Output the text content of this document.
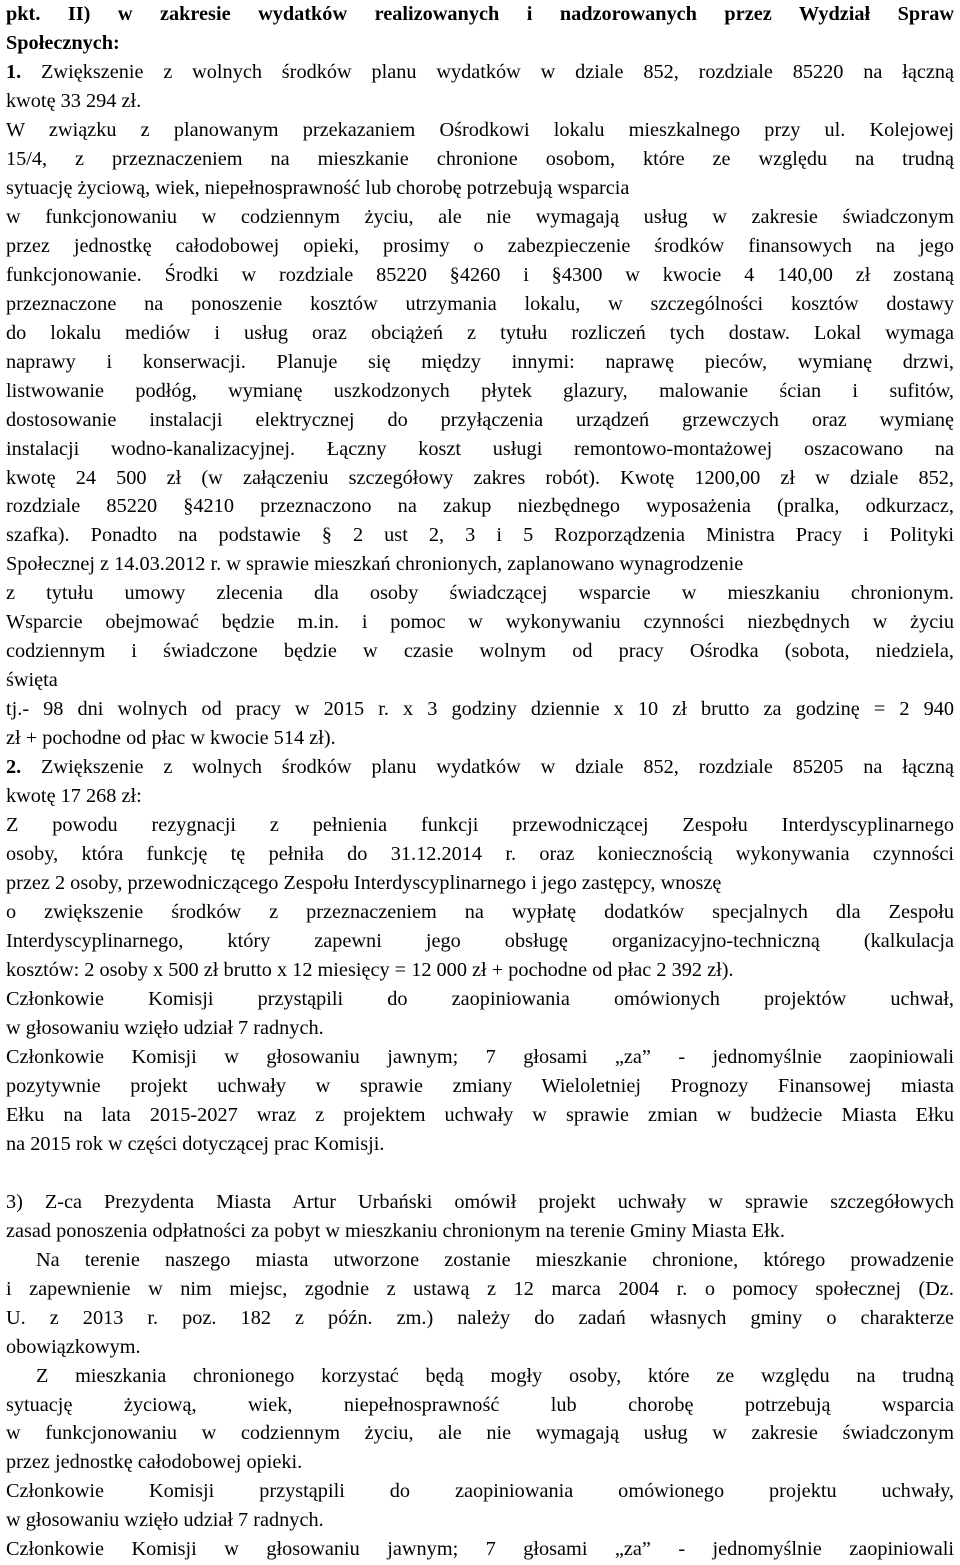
pkt. II) w zakresie wydatków realizowanych i nadzorowanych przez Wydział Spraw
Społecznych:
1. Zwiększenie z wolnych środków planu wydatków w dziale 852, rozdziale 85220 na łączną
kwotę 33 294 zł.
W związku z planowanym przekazaniem Ośrodkowi lokalu mieszkalnego przy ul. Kolejowej
15/4, z przeznaczeniem na mieszkanie chronione osobom, które ze względu na trudną
sytuację życiową, wiek, niepełnosprawność lub chorobę potrzebują wsparcia
w funkcjonowaniu w codziennym życiu, ale nie wymagają usług w zakresie świadczonym
przez jednostkę całodobowej opieki, prosimy o zabezpieczenie środków finansowych na jego
funkcjonowanie. Środki w rozdziale 85220 §4260 i §4300 w kwocie 4 140,00 zł zostaną
przeznaczone na ponoszenie kosztów utrzymania lokalu, w szczególności kosztów dostawy
do lokalu mediów i usług oraz obciążeń z tytułu rozliczeń tych dostaw. Lokal wymaga
naprawy i konserwacji. Planuje się między innymi: naprawę pieców, wymianę drzwi,
listwowanie podłóg, wymianę uszkodzonych płytek glazury, malowanie ścian i sufitów,
dostosowanie instalacji elektrycznej do przyłączenia urządzeń grzewczych oraz wymianę
instalacji wodno-kanalizacyjnej. Łączny koszt usługi remontowo-montażowej oszacowano na
kwotę 24 500 zł (w załączeniu szczegółowy zakres robót). Kwotę 1200,00 zł w dziale 852,
rozdziale 85220 §4210 przeznaczono na zakup niezbędnego wyposażenia (pralka, odkurzacz,
szafka). Ponadto na podstawie § 2 ust 2, 3 i 5 Rozporządzenia Ministra Pracy i Polityki
Społecznej z 14.03.2012 r. w sprawie mieszkań chronionych, zaplanowano wynagrodzenie
z tytułu umowy zlecenia dla osoby świadczącej wsparcie w mieszkaniu chronionym.
Wsparcie obejmować będzie m.in. i pomoc w wykonywaniu czynności niezbędnych w życiu
codziennym i świadczone będzie w czasie wolnym od pracy Ośrodka (sobota, niedziela,
święta
tj.- 98 dni wolnych od pracy w 2015 r. x 3 godziny dziennie x 10 zł brutto za godzinę = 2 940
zł + pochodne od płac w kwocie 514 zł).
2. Zwiększenie z wolnych środków planu wydatków w dziale 852, rozdziale 85205 na łączną
kwotę 17 268 zł:
Z powodu rezygnacji z pełnienia funkcji przewodniczącej Zespołu Interdyscyplinarnego
osoby, która funkcję tę pełniła do 31.12.2014 r. oraz koniecznością wykonywania czynności
przez 2 osoby, przewodniczącego Zespołu Interdyscyplinarnego i jego zastępcy, wnoszę
o zwiększenie środków z przeznaczeniem na wypłatę dodatków specjalnych dla Zespołu
Interdyscyplinarnego, który zapewni jego obsługę organizacyjno-techniczną (kalkulacja
kosztów: 2 osoby x 500 zł brutto x 12 miesięcy = 12 000 zł + pochodne od płac 2 392 zł).
Członkowie Komisji przystąpili do zaopiniowania omówionych projektów uchwał,
w głosowaniu wzięło udział 7 radnych.
Członkowie Komisji w głosowaniu jawnym; 7 głosami „za” - jednomyślnie zaopiniowali
pozytywnie projekt uchwały w sprawie zmiany Wieloletniej Prognozy Finansowej miasta
Ełku na lata 2015-2027 wraz z projektem uchwały w sprawie zmian w budżecie Miasta Ełku
na 2015 rok w części dotyczącej prac Komisji.
3) Z-ca Prezydenta Miasta Artur Urbański omówił projekt uchwały w sprawie szczegółowych
zasad ponoszenia odpłatności za pobyt w mieszkaniu chronionym na terenie Gminy Miasta Ełk.
Na terenie naszego miasta utworzone zostanie mieszkanie chronione, którego prowadzenie
i zapewnienie w nim miejsc, zgodnie z ustawą z 12 marca 2004 r. o pomocy społecznej (Dz.
U. z 2013 r. poz. 182 z późn. zm.) należy do zadań własnych gminy o charakterze
obowiązkowym.
Z mieszkania chronionego korzystać będą mogły osoby, które ze względu na trudną
sytuację życiową, wiek, niepełnosprawność lub chorobę potrzebują wsparcia
w funkcjonowaniu w codziennym życiu, ale nie wymagają usług w zakresie świadczonym
przez jednostkę całodobowej opieki.
Członkowie Komisji przystąpili do zaopiniowania omówionego projektu uchwały,
w głosowaniu wzięło udział 7 radnych.
Członkowie Komisji w głosowaniu jawnym; 7 głosami „za” - jednomyślnie zaopiniowali
